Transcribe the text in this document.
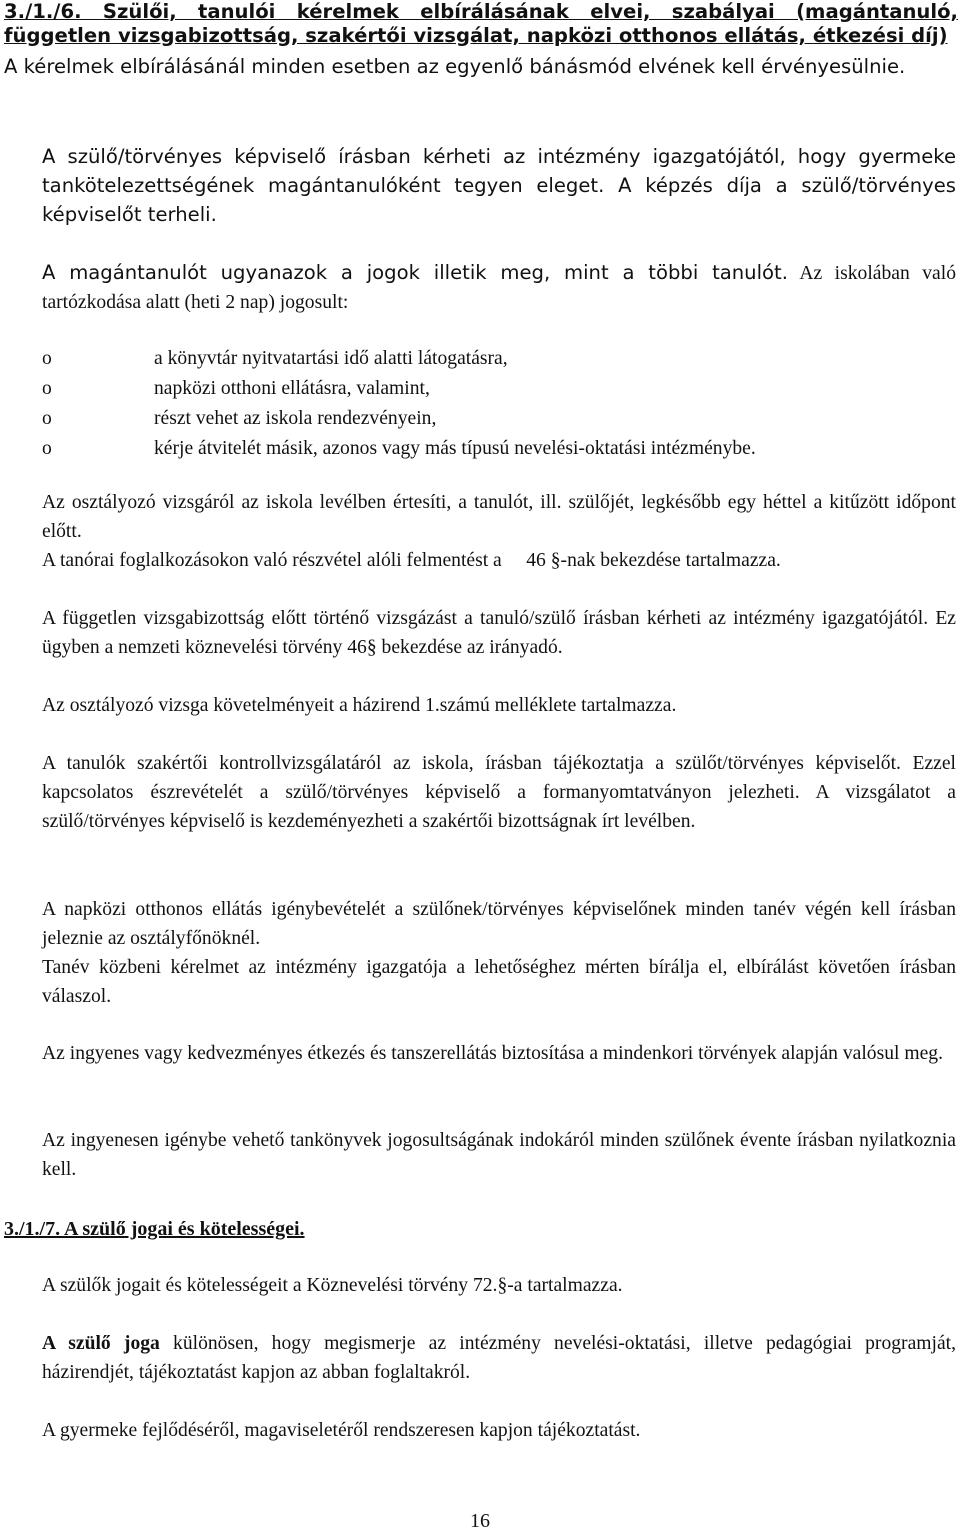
3./1./6. Szülői, tanulói kérelmek elbírálásának elvei, szabályai (magántanuló, független vizsgabizottság, szakértői vizsgálat, napközi otthonos ellátás, étkezési díj)

A kérelmek elbírálásánál minden esetben az egyenlő bánásmód elvének kell érvényesülnie.

A szülő/törvényes képviselő írásban kérheti az intézmény igazgatójától, hogy gyermeke tankötelezettségének magántanulóként tegyen eleget. A képzés díja a szülő/törvényes képviselőt terheli.

A magántanulót ugyanazok a jogok illetik meg, mint a többi tanulót. Az iskolában való tartózkodása alatt (heti 2 nap) jogosult:

o	a könyvtár nyitvatartási idő alatti látogatásra,
o	napközi otthoni ellátásra, valamint,
o	részt vehet az iskola rendezvényein,
o	kérje átvitelét másik, azonos vagy más típusú nevelési-oktatási intézménybe.

Az osztályozó vizsgáról az iskola levélben értesíti, a tanulót, ill. szülőjét, legkésőbb egy héttel a kitűzött időpont előtt.

A tanórai foglalkozásokon való részvétel alóli felmentést a 46 §-nak bekezdése tartalmazza.

A független vizsgabizottság előtt történő vizsgázást a tanuló/szülő írásban kérheti az intézmény igazgatójától. Ez ügyben a nemzeti köznevelési törvény 46§ bekezdése az irányadó.

Az osztályozó vizsga követelményeit a házirend 1.számú melléklete tartalmazza.

A tanulók szakértői kontrollvizsgálatáról az iskola, írásban tájékoztatja a szülőt/törvényes képviselőt. Ezzel kapcsolatos észrevételét a szülő/törvényes képviselő a formanyomtatványon jelezheti. A vizsgálatot a szülő/törvényes képviselő is kezdeményezheti a szakértői bizottságnak írt levélben.

A napközi otthonos ellátás igénybevételét a szülőnek/törvényes képviselőnek minden tanév végén kell írásban jeleznie az osztályfőnöknél.

Tanév közbeni kérelmet az intézmény igazgatója a lehetőséghez mérten bírálja el, elbírálást követően írásban válaszol.

Az ingyenes vagy kedvezményes étkezés és tanszerellátás biztosítása a mindenkori törvények alapján valósul meg.

Az ingyenesen igénybe vehető tankönyvek jogosultságának indokáról minden szülőnek évente írásban nyilatkoznia kell.

3./1./7. A szülő jogai és kötelességei.

A szülők jogait és kötelességeit a Köznevelési törvény 72.§-a tartalmazza.

A szülő joga különösen, hogy megismerje az intézmény nevelési-oktatási, illetve pedagógiai programját, házirendjét, tájékoztatást kapjon az abban foglaltakról.

A gyermeke fejlődéséről, magaviseletéről rendszeresen kapjon tájékoztatást.

16
